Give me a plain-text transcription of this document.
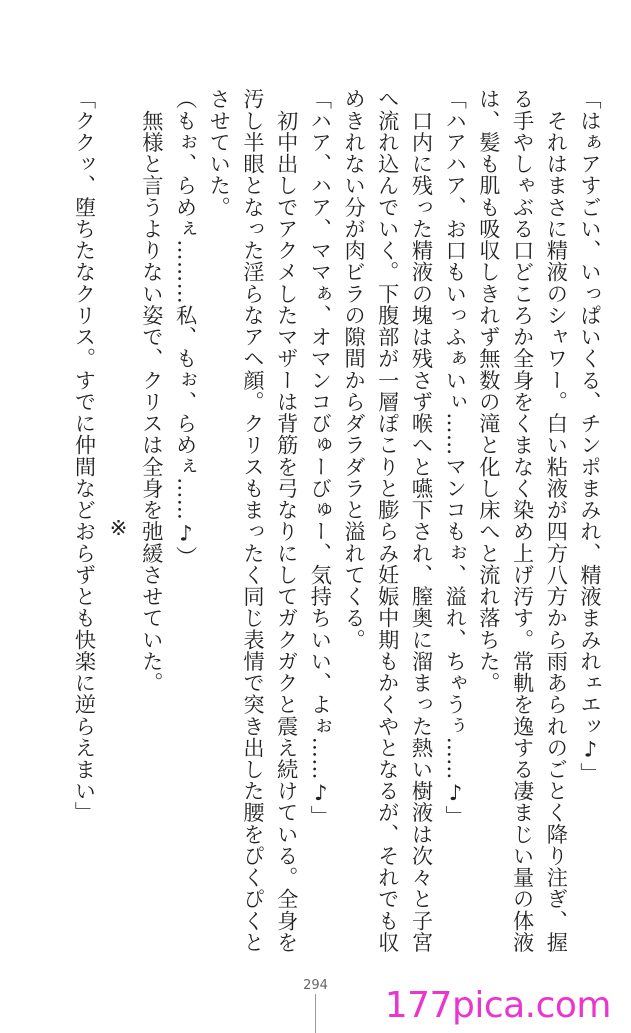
「はぁアすごい、いっぱいくる、チンポまみれ、精液まみれェエッ♪」
　それはまさに精液のシャワー。白い粘液が四方八方から雨あられのごとく降り注ぎ、握
る手やしゃぶる口どころか全身をくまなく染め上げ汚す。常軌を逸する凄まじい量の体液
は、髪も肌も吸収しきれず無数の滝と化し床へと流れ落ちた。
「ハアハア、お口もいっふぁいぃ……マンコもぉ、溢れ、ちゃうぅ……♪」
　口内に残った精液の塊は残さず喉へと嚥下され、膣奥に溜まった熱い樹液は次々と子宮
へ流れ込んでいく。下腹部が一層ぽこりと膨らみ妊娠中期もかくやとなるが、それでも収
めきれない分が肉ビラの隙間からダラダラと溢れてくる。
「ハア、ハア、ママぁ、オマンコびゅーびゅー、気持ちいい、よぉ……♪」
　初中出しでアクメしたマザーは背筋を弓なりにしてガクガクと震え続けている。全身を
汚し半眼となった淫らなアヘ顔。クリスもまったく同じ表情で突き出した腰をぴくぴくと
させていた。
（もぉ、らめぇ………私、もぉ、らめぇ……♪）
　無様と言うよりない姿で、クリスは全身を弛緩させていた。
※
「ククッ、堕ちたなクリス。すでに仲間などおらずとも快楽に逆らえまい」
294	177pica.com
